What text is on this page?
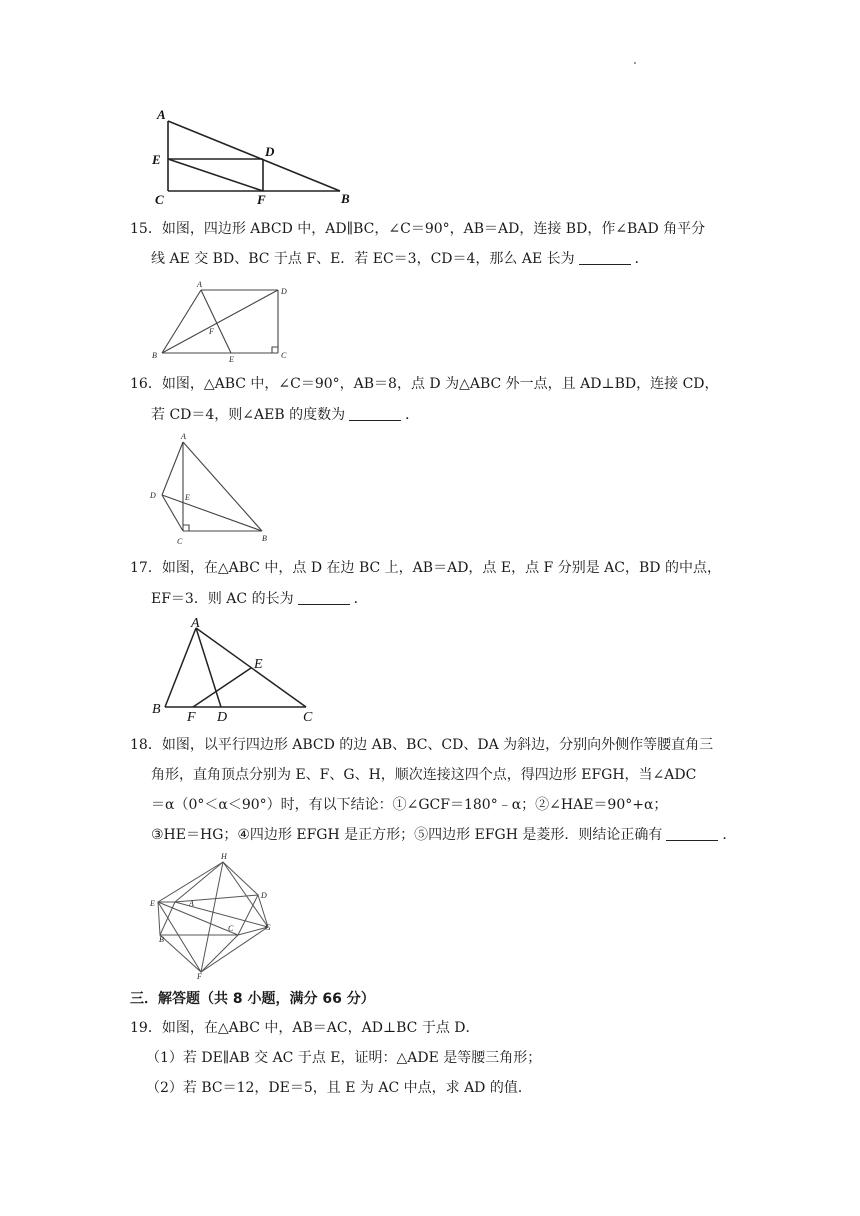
A
E
D
C	F	B
15．如图，四边形 ABCD 中，AD∥BC，∠C＝90°，AB＝AD，连接 BD，作∠BAD 角平分
线 AE 交 BD、BC 于点 F、E．若 EC＝3，CD＝4，那么 AE 长为	．
A
D
F
B	E	C
16．如图，△ABC 中，∠C＝90°，AB＝8，点 D 为△ABC 外一点，且 AD⊥BD，连接 CD，
若 CD＝4，则∠AEB 的度数为	．
A
D	E
C	B
17．如图，在△ABC 中，点 D 在边 BC 上，AB＝AD，点 E，点 F 分别是 AC，BD 的中点，
EF＝3．则 AC 的长为	．
A
E
B
F D	C
18．如图，以平行四边形 ABCD 的边 AB、BC、CD、DA 为斜边，分别向外侧作等腰直角三
角形，直角顶点分别为 E、F、G、H，顺次连接这四个点，得四边形 EFGH，当∠ADC
＝α（0°＜α＜90°）时，有以下结论：①∠GCF＝180°﹣α；②∠HAE＝90°+α；
③HE＝HG；④四边形 EFGH 是正方形；⑤四边形 EFGH 是菱形．则结论正确有	．
H
D
E	A
C	G
B
F
三．解答题（共 8 小题，满分 66 分）
19．如图，在△ABC 中，AB＝AC，AD⊥BC 于点 D．
（1）若 DE∥AB 交 AC 于点 E，证明：△ADE 是等腰三角形；
（2）若 BC＝12，DE＝5，且 E 为 AC 中点，求 AD 的值．
